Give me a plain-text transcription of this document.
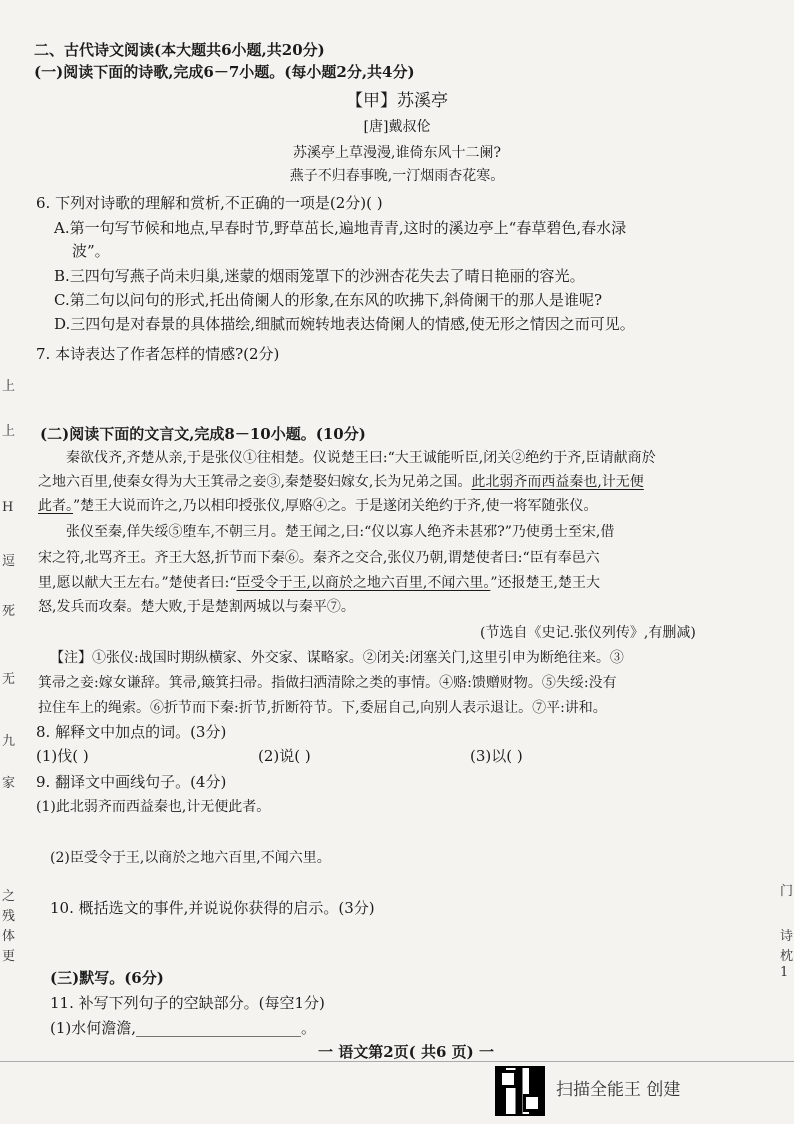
二、古代诗文阅读(本大题共6小题,共20分)
(一)阅读下面的诗歌,完成6－7小题。(每小题2分,共4分)
【甲】苏溪亭
[唐]戴叔伦
苏溪亭上草漫漫,谁倚东风十二阑?
燕子不归春事晚,一汀烟雨杏花寒。
6. 下列对诗歌的理解和赏析,不正确的一项是(2分)( )
A.第一句写节候和地点,早春时节,野草茁长,遍地青青,这时的溪边亭上“春草碧色,春水渌
波”。
B.三四句写燕子尚未归巢,迷蒙的烟雨笼罩下的沙洲杏花失去了晴日艳丽的容光。
C.第二句以问句的形式,托出倚阑人的形象,在东风的吹拂下,斜倚阑干的那人是谁呢?
D.三四句是对春景的具体描绘,细腻而婉转地表达倚阑人的情感,使无形之情因之而可见。
7. 本诗表达了作者怎样的情感?(2分)
(二)阅读下面的文言文,完成8－10小题。(10分)
秦欲伐齐,齐楚从亲,于是张仪①往相楚。仪说楚王曰:“大王诚能听臣,闭关②绝约于齐,臣请献商於
之地六百里,使秦女得为大王箕帚之妾③,秦楚娶妇嫁女,长为兄弟之国。此北弱齐而西益秦也,计无便
此者。”楚王大说而许之,乃以相印授张仪,厚赂④之。于是遂闭关绝约于齐,使一将军随张仪。
张仪至秦,佯失绥⑤堕车,不朝三月。楚王闻之,曰:“仪以寡人绝齐未甚邪?”乃使勇士至宋,借
宋之符,北骂齐王。齐王大怒,折节而下秦⑥。秦齐之交合,张仪乃朝,谓楚使者曰:“臣有奉邑六
里,愿以献大王左右。”楚使者曰:“臣受令于王,以商於之地六百里,不闻六里。”还报楚王,楚王大
怒,发兵而攻秦。楚大败,于是楚割两城以与秦平⑦。
(节选自《史记.张仪列传》,有删减)
【注】①张仪:战国时期纵横家、外交家、谋略家。②闭关:闭塞关门,这里引申为断绝往来。③
箕帚之妾:嫁女谦辞。箕帚,簸箕扫帚。指做扫洒清除之类的事情。④赂:馈赠财物。⑤失绥:没有
拉住车上的绳索。⑥折节而下秦:折节,折断符节。下,委屈自己,向别人表示退让。⑦平:讲和。
8. 解释文中加点的词。(3分)
(1)伐( )	(2)说( )	(3)以( )
9. 翻译文中画线句子。(4分)
(1)此北弱齐而西益秦也,计无便此者。
(2)臣受令于王,以商於之地六百里,不闻六里。
10. 概括选文的事件,并说说你获得的启示。(3分)
(三)默写。(6分)
11. 补写下列句子的空缺部分。(每空1分)
(1)水何澹澹,______________________。
上
上
H
逗
死
无
九
家
之
残
体
更
门
诗
枕
1
一 语文第2页( 共6 页) 一
扫描全能王 创建
